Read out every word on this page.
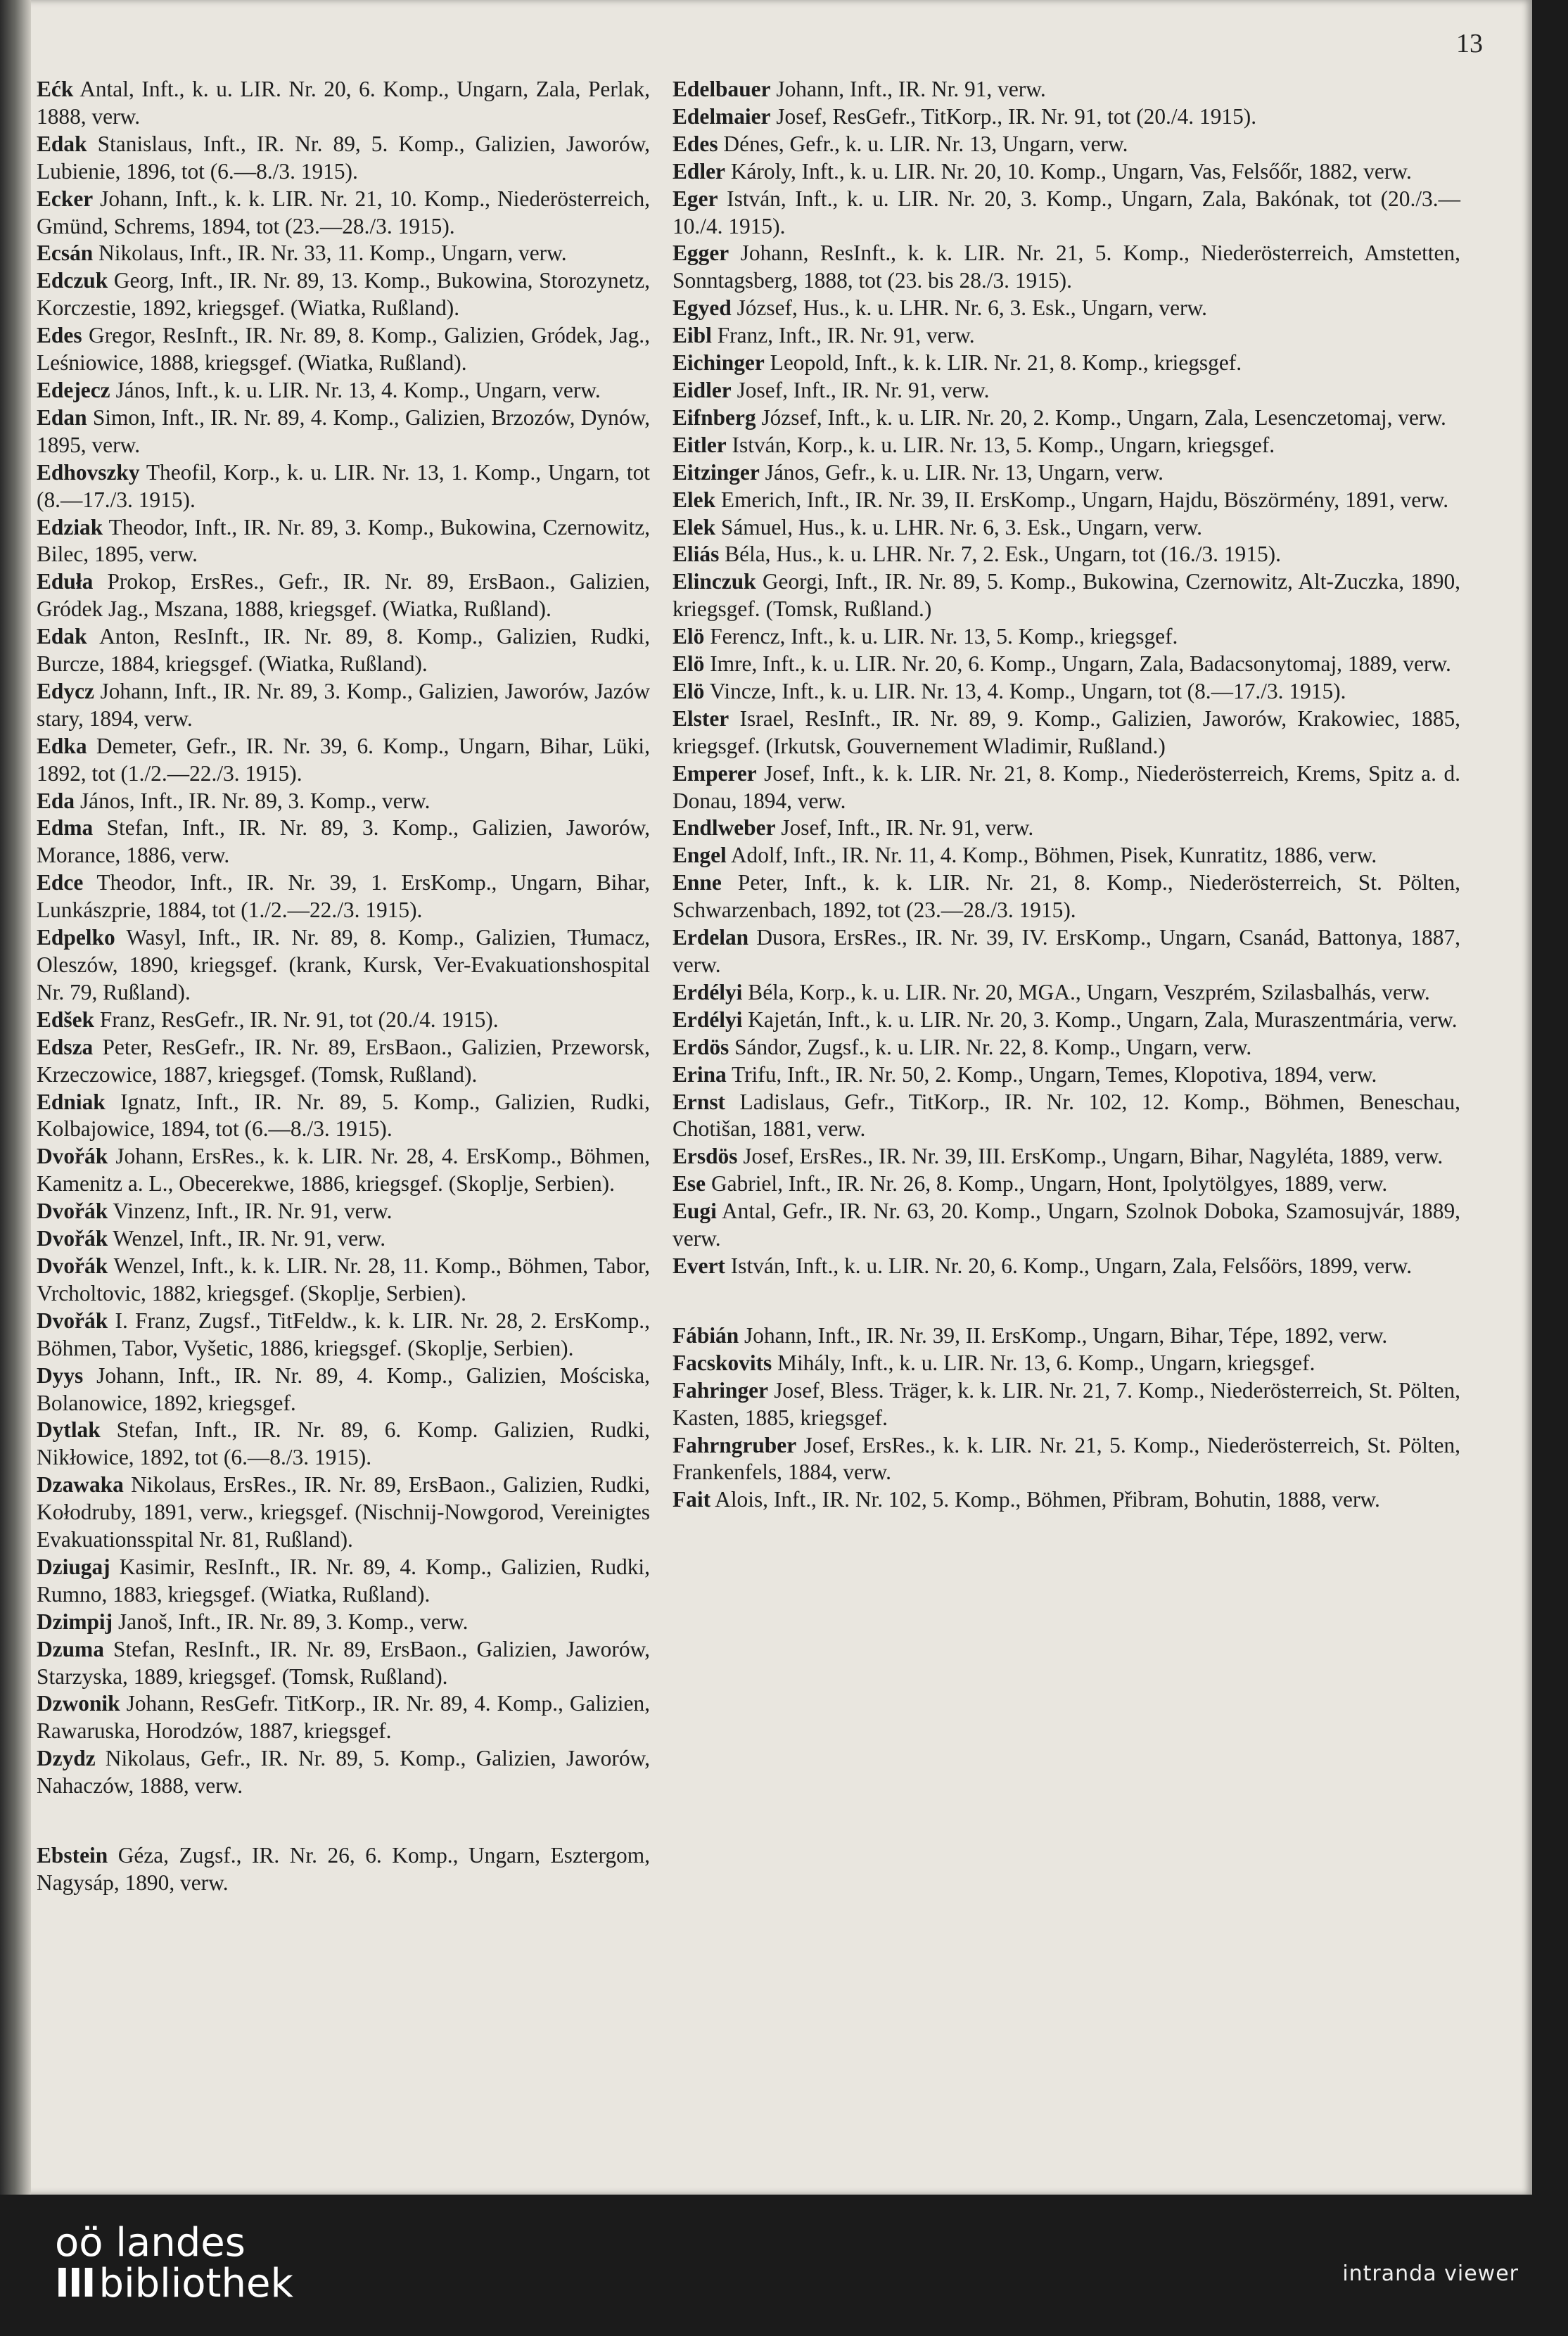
13

Ećk Antal, Inft., k. u. LIR. Nr. 20, 6. Komp., Ungarn, Zala, Perlak, 1888, verw.

Edak Stanislaus, Inft., IR. Nr. 89, 5. Komp., Galizien, Jaworów, Lubienie, 1896, tot (6.—8./3. 1915).

Ecker Johann, Inft., k. k. LIR. Nr. 21, 10. Komp., Niederösterreich, Gmünd, Schrems, 1894, tot (23.—28./3. 1915).

Ecsán Nikolaus, Inft., IR. Nr. 33, 11. Komp., Ungarn, verw.

Edczuk Georg, Inft., IR. Nr. 89, 13. Komp., Bukowina, Storozynetz, Korczestie, 1892, kriegsgef. (Wiatka, Rußland).

Edes Gregor, ResInft., IR. Nr. 89, 8. Komp., Galizien, Gródek, Jag., Leśniowice, 1888, kriegsgef. (Wiatka, Rußland).

Edejecz János, Inft., k. u. LIR. Nr. 13, 4. Komp., Ungarn, verw.

Edan Simon, Inft., IR. Nr. 89, 4. Komp., Galizien, Brzozów, Dynów, 1895, verw.

Edhovszky Theofil, Korp., k. u. LIR. Nr. 13, 1. Komp., Ungarn, tot (8.—17./3. 1915).

Edziak Theodor, Inft., IR. Nr. 89, 3. Komp., Bukowina, Czernowitz, Bilec, 1895, verw.

Eduła Prokop, ErsRes., Gefr., IR. Nr. 89, ErsBaon., Galizien, Gródek Jag., Mszana, 1888, kriegsgef. (Wiatka, Rußland).

Edak Anton, ResInft., IR. Nr. 89, 8. Komp., Galizien, Rudki, Burcze, 1884, kriegsgef. (Wiatka, Rußland).

Edycz Johann, Inft., IR. Nr. 89, 3. Komp., Galizien, Jaworów, Jazów stary, 1894, verw.

Edka Demeter, Gefr., IR. Nr. 39, 6. Komp., Ungarn, Bihar, Lüki, 1892, tot (1./2.—22./3. 1915).

Eda János, Inft., IR. Nr. 89, 3. Komp., verw.

Edma Stefan, Inft., IR. Nr. 89, 3. Komp., Galizien, Jaworów, Morance, 1886, verw.

Edce Theodor, Inft., IR. Nr. 39, 1. ErsKomp., Ungarn, Bihar, Lunkászprie, 1884, tot (1./2.—22./3. 1915).

Edpelko Wasyl, Inft., IR. Nr. 89, 8. Komp., Galizien, Tłumacz, Oleszów, 1890, kriegsgef. (krank, Kursk, Ver-Evakuationshospital Nr. 79, Rußland).

Edšek Franz, ResGefr., IR. Nr. 91, tot (20./4. 1915).

Edsza Peter, ResGefr., IR. Nr. 89, ErsBaon., Galizien, Przeworsk, Krzeczowice, 1887, kriegsgef. (Tomsk, Rußland).

Edniak Ignatz, Inft., IR. Nr. 89, 5. Komp., Galizien, Rudki, Kolbajowice, 1894, tot (6.—8./3. 1915).

Dvořák Johann, ErsRes., k. k. LIR. Nr. 28, 4. ErsKomp., Böhmen, Kamenitz a. L., Obecerekwe, 1886, kriegsgef. (Skoplje, Serbien).

Dvořák Vinzenz, Inft., IR. Nr. 91, verw.

Dvořák Wenzel, Inft., IR. Nr. 91, verw.

Dvořák Wenzel, Inft., k. k. LIR. Nr. 28, 11. Komp., Böhmen, Tabor, Vrcholtovic, 1882, kriegsgef. (Skoplje, Serbien).

Dvořák I. Franz, Zugsf., TitFeldw., k. k. LIR. Nr. 28, 2. ErsKomp., Böhmen, Tabor, Vyšetic, 1886, kriegsgef. (Skoplje, Serbien).

Dyys Johann, Inft., IR. Nr. 89, 4. Komp., Galizien, Mościska, Bolanowice, 1892, kriegsgef.

Dytlak Stefan, Inft., IR. Nr. 89, 6. Komp. Galizien, Rudki, Nikłowice, 1892, tot (6.—8./3. 1915).

Dzawaka Nikolaus, ErsRes., IR. Nr. 89, ErsBaon., Galizien, Rudki, Kołodruby, 1891, verw., kriegsgef. (Nischnij-Nowgorod, Vereinigtes Evakuationsspital Nr. 81, Rußland).

Dziugaj Kasimir, ResInft., IR. Nr. 89, 4. Komp., Galizien, Rudki, Rumno, 1883, kriegsgef. (Wiatka, Rußland).

Dzimpij Janoš, Inft., IR. Nr. 89, 3. Komp., verw.

Dzuma Stefan, ResInft., IR. Nr. 89, ErsBaon., Galizien, Jaworów, Starzyska, 1889, kriegsgef. (Tomsk, Rußland).

Dzwonik Johann, ResGefr. TitKorp., IR. Nr. 89, 4. Komp., Galizien, Rawaruska, Horodzów, 1887, kriegsgef.

Dzydz Nikolaus, Gefr., IR. Nr. 89, 5. Komp., Galizien, Jaworów, Nahaczów, 1888, verw.

Ebstein Géza, Zugsf., IR. Nr. 26, 6. Komp., Ungarn, Esztergom, Nagysáp, 1890, verw.

Edelbauer Johann, Inft., IR. Nr. 91, verw.

Edelmaier Josef, ResGefr., TitKorp., IR. Nr. 91, tot (20./4. 1915).

Edes Dénes, Gefr., k. u. LIR. Nr. 13, Ungarn, verw.

Edler Károly, Inft., k. u. LIR. Nr. 20, 10. Komp., Ungarn, Vas, Felsőőr, 1882, verw.

Eger István, Inft., k. u. LIR. Nr. 20, 3. Komp., Ungarn, Zala, Bakónak, tot (20./3.—10./4. 1915).

Egger Johann, ResInft., k. k. LIR. Nr. 21, 5. Komp., Niederösterreich, Amstetten, Sonntagsberg, 1888, tot (23. bis 28./3. 1915).

Egyed József, Hus., k. u. LHR. Nr. 6, 3. Esk., Ungarn, verw.

Eibl Franz, Inft., IR. Nr. 91, verw.

Eichinger Leopold, Inft., k. k. LIR. Nr. 21, 8. Komp., kriegsgef.

Eidler Josef, Inft., IR. Nr. 91, verw.

Eifnberg József, Inft., k. u. LIR. Nr. 20, 2. Komp., Ungarn, Zala, Lesenczetomaj, verw.

Eitler István, Korp., k. u. LIR. Nr. 13, 5. Komp., Ungarn, kriegsgef.

Eitzinger János, Gefr., k. u. LIR. Nr. 13, Ungarn, verw.

Elek Emerich, Inft., IR. Nr. 39, II. ErsKomp., Ungarn, Hajdu, Böszörmény, 1891, verw.

Elek Sámuel, Hus., k. u. LHR. Nr. 6, 3. Esk., Ungarn, verw.

Eliás Béla, Hus., k. u. LHR. Nr. 7, 2. Esk., Ungarn, tot (16./3. 1915).

Elinczuk Georgi, Inft., IR. Nr. 89, 5. Komp., Bukowina, Czernowitz, Alt-Zuczka, 1890, kriegsgef. (Tomsk, Rußland.)

Elö Ferencz, Inft., k. u. LIR. Nr. 13, 5. Komp., kriegsgef.

Elö Imre, Inft., k. u. LIR. Nr. 20, 6. Komp., Ungarn, Zala, Badacsonytomaj, 1889, verw.

Elö Vincze, Inft., k. u. LIR. Nr. 13, 4. Komp., Ungarn, tot (8.—17./3. 1915).

Elster Israel, ResInft., IR. Nr. 89, 9. Komp., Galizien, Jaworów, Krakowiec, 1885, kriegsgef. (Irkutsk, Gouvernement Wladimir, Rußland.)

Emperer Josef, Inft., k. k. LIR. Nr. 21, 8. Komp., Niederösterreich, Krems, Spitz a. d. Donau, 1894, verw.

Endlweber Josef, Inft., IR. Nr. 91, verw.

Engel Adolf, Inft., IR. Nr. 11, 4. Komp., Böhmen, Pisek, Kunratitz, 1886, verw.

Enne Peter, Inft., k. k. LIR. Nr. 21, 8. Komp., Niederösterreich, St. Pölten, Schwarzenbach, 1892, tot (23.—28./3. 1915).

Erdelan Dusora, ErsRes., IR. Nr. 39, IV. ErsKomp., Ungarn, Csanád, Battonya, 1887, verw.

Erdélyi Béla, Korp., k. u. LIR. Nr. 20, MGA., Ungarn, Veszprém, Szilasbalhás, verw.

Erdélyi Kajetán, Inft., k. u. LIR. Nr. 20, 3. Komp., Ungarn, Zala, Muraszentmária, verw.

Erdös Sándor, Zugsf., k. u. LIR. Nr. 22, 8. Komp., Ungarn, verw.

Erina Trifu, Inft., IR. Nr. 50, 2. Komp., Ungarn, Temes, Klopotiva, 1894, verw.

Ernst Ladislaus, Gefr., TitKorp., IR. Nr. 102, 12. Komp., Böhmen, Beneschau, Chotišan, 1881, verw.

Ersdös Josef, ErsRes., IR. Nr. 39, III. ErsKomp., Ungarn, Bihar, Nagyléta, 1889, verw.

Ese Gabriel, Inft., IR. Nr. 26, 8. Komp., Ungarn, Hont, Ipolytölgyes, 1889, verw.

Eugi Antal, Gefr., IR. Nr. 63, 20. Komp., Ungarn, Szolnok Doboka, Szamosujvár, 1889, verw.

Evert István, Inft., k. u. LIR. Nr. 20, 6. Komp., Ungarn, Zala, Felsőörs, 1899, verw.

Fábián Johann, Inft., IR. Nr. 39, II. ErsKomp., Ungarn, Bihar, Tépe, 1892, verw.

Facskovits Mihály, Inft., k. u. LIR. Nr. 13, 6. Komp., Ungarn, kriegsgef.

Fahringer Josef, Bless. Träger, k. k. LIR. Nr. 21, 7. Komp., Niederösterreich, St. Pölten, Kasten, 1885, kriegsgef.

Fahrngruber Josef, ErsRes., k. k. LIR. Nr. 21, 5. Komp., Niederösterreich, St. Pölten, Frankenfels, 1884, verw.

Fait Alois, Inft., IR. Nr. 102, 5. Komp., Böhmen, Přibram, Bohutin, 1888, verw.

oö landes
III bibliothek	intranda viewer
